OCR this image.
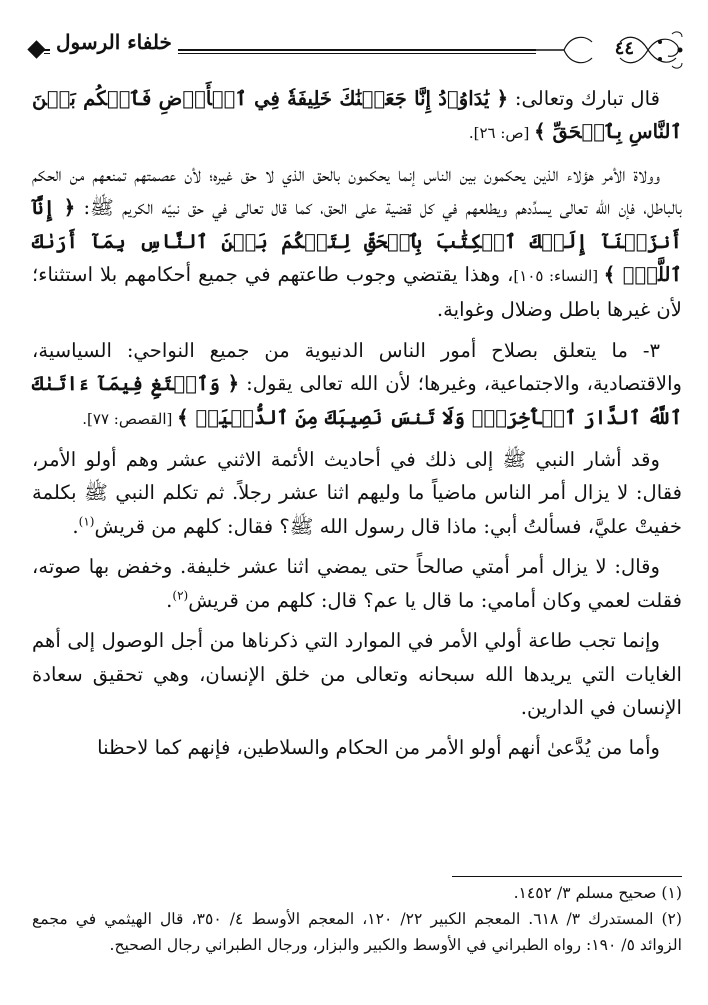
خلفاء الرسول	٤٤

قال تبارك وتعالى: ﴿ يَٰدَاوُۥدُ إِنَّا جَعَلۡنَٰكَ خَلِيفَةٗ فِي ٱلۡأَرۡضِ فَٱحۡكُم بَيۡنَ ٱلنَّاسِ بِٱلۡحَقِّ ﴾ [ص: ٢٦].

وولاة الأمر هؤلاء الذين يحكمون بين الناس إنما يحكمون بالحق الذي لا حق غيره؛ لأن عصمتهم تمنعهم من الحكم بالباطل، فإن الله تعالى يسدِّدهم ويطلعهم في كل قضية على الحق، كما قال تعالى في حق نبيّه الكريم ﷺ: ﴿ إِنَّآ أَنزَلۡنَآ إِلَيۡكَ ٱلۡكِتَٰبَ بِٱلۡحَقِّ لِتَحۡكُمَ بَيۡنَ ٱلنَّاسِ بِمَآ أَرَىٰكَ ٱللَّهُۚ ﴾ [النساء: ١٠٥]، وهذا يقتضي وجوب طاعتهم في جميع أحكامهم بلا استثناء؛ لأن غيرها باطل وضلال وغواية.

٣- ما يتعلق بصلاح أمور الناس الدنيوية من جميع النواحي: السياسية، والاقتصادية، والاجتماعية، وغيرها؛ لأن الله تعالى يقول: ﴿ وَٱبۡتَغِ فِيمَآ ءَاتَىٰكَ ٱللَّهُ ٱلدَّارَ ٱلۡأٓخِرَةَۖ وَلَا تَنسَ نَصِيبَكَ مِنَ ٱلدُّنۡيَاۖ ﴾ [القصص: ٧٧].

وقد أشار النبي ﷺ إلى ذلك في أحاديث الأئمة الاثني عشر وهم أولو الأمر، فقال: لا يزال أمر الناس ماضياً ما وليهم اثنا عشر رجلاً. ثم تكلم النبي ﷺ بكلمة خفيتْ عليَّ، فسألتُ أبي: ماذا قال رسول الله ﷺ؟ فقال: كلهم من قريش$^{(١)}$.

وقال: لا يزال أمر أمتي صالحاً حتى يمضي اثنا عشر خليفة. وخفض بها صوته، فقلت لعمي وكان أمامي: ما قال يا عم؟ قال: كلهم من قريش$^{(٢)}$.

وإنما تجب طاعة أولي الأمر في الموارد التي ذكرناها من أجل الوصول إلى أهم الغايات التي يريدها الله سبحانه وتعالى من خلق الإنسان، وهي تحقيق سعادة الإنسان في الدارين.

وأما من يُدَّعىٰ أنهم أولو الأمر من الحكام والسلاطين، فإنهم كما لاحظنا

(١) صحيح مسلم ٣/ ١٤٥٢.

(٢) المستدرك ٣/ ٦١٨. المعجم الكبير ٢٢/ ١٢٠، المعجم الأوسط ٤/ ٣٥٠، قال الهيثمي في مجمع الزوائد ٥/ ١٩٠: رواه الطبراني في الأوسط والكبير والبزار، ورجال الطبراني رجال الصحيح.
